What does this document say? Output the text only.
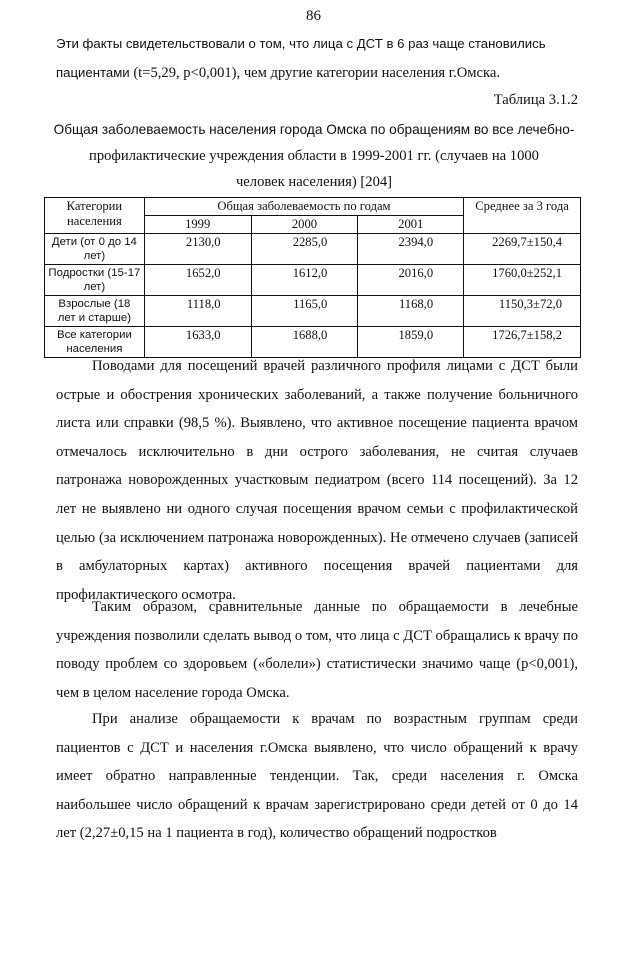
86
Эти факты свидетельствовали о том, что лица с ДСТ в 6 раз чаще становились
пациентами (t=5,29, p<0,001), чем другие категории населения г.Омска.
Таблица 3.1.2
Общая заболеваемость населения города Омска по обращениям во все лечебно-
профилактические учреждения области в 1999-2001 гг. (случаев на 1000
человек населения) [204]
Категории населения	Общая заболеваемость по годам			Среднее за 3 года
	1999	2000	2001	
Дети (от 0 до 14 лет)	2130,0	2285,0	2394,0	2269,7±150,4
Подростки (15-17 лет)	1652,0	1612,0	2016,0	1760,0±252,1
Взрослые (18 лет и старше)	1118,0	1165,0	1168,0	1150,3±72,0
Все категории населения	1633,0	1688,0	1859,0	1726,7±158,2
Поводами для посещений врачей различного профиля лицами с ДСТ были острые и обострения хронических заболеваний, а также получение больничного листа или справки (98,5 %). Выявлено, что активное посещение пациента врачом отмечалось исключительно в дни острого заболевания, не считая случаев патронажа новорожденных участковым педиатром (всего 114 посещений). За 12 лет не выявлено ни одного случая посещения врачом семьи с профилактической целью (за исключением патронажа новорожденных). Не отмечено случаев (записей в амбулаторных картах) активного посещения врачей пациентами для профилактического осмотра.
Таким образом, сравнительные данные по обращаемости в лечебные учреждения позволили сделать вывод о том, что лица с ДСТ обращались к врачу по поводу проблем со здоровьем («болели») статистически значимо чаще (p<0,001), чем в целом население города Омска.
При анализе обращаемости к врачам по возрастным группам среди пациентов с ДСТ и населения г.Омска выявлено, что число обращений к врачу имеет обратно направленные тенденции. Так, среди населения г. Омска наибольшее число обращений к врачам зарегистрировано среди детей от 0 до 14 лет (2,27±0,15 на 1 пациента в год), количество обращений подростков
